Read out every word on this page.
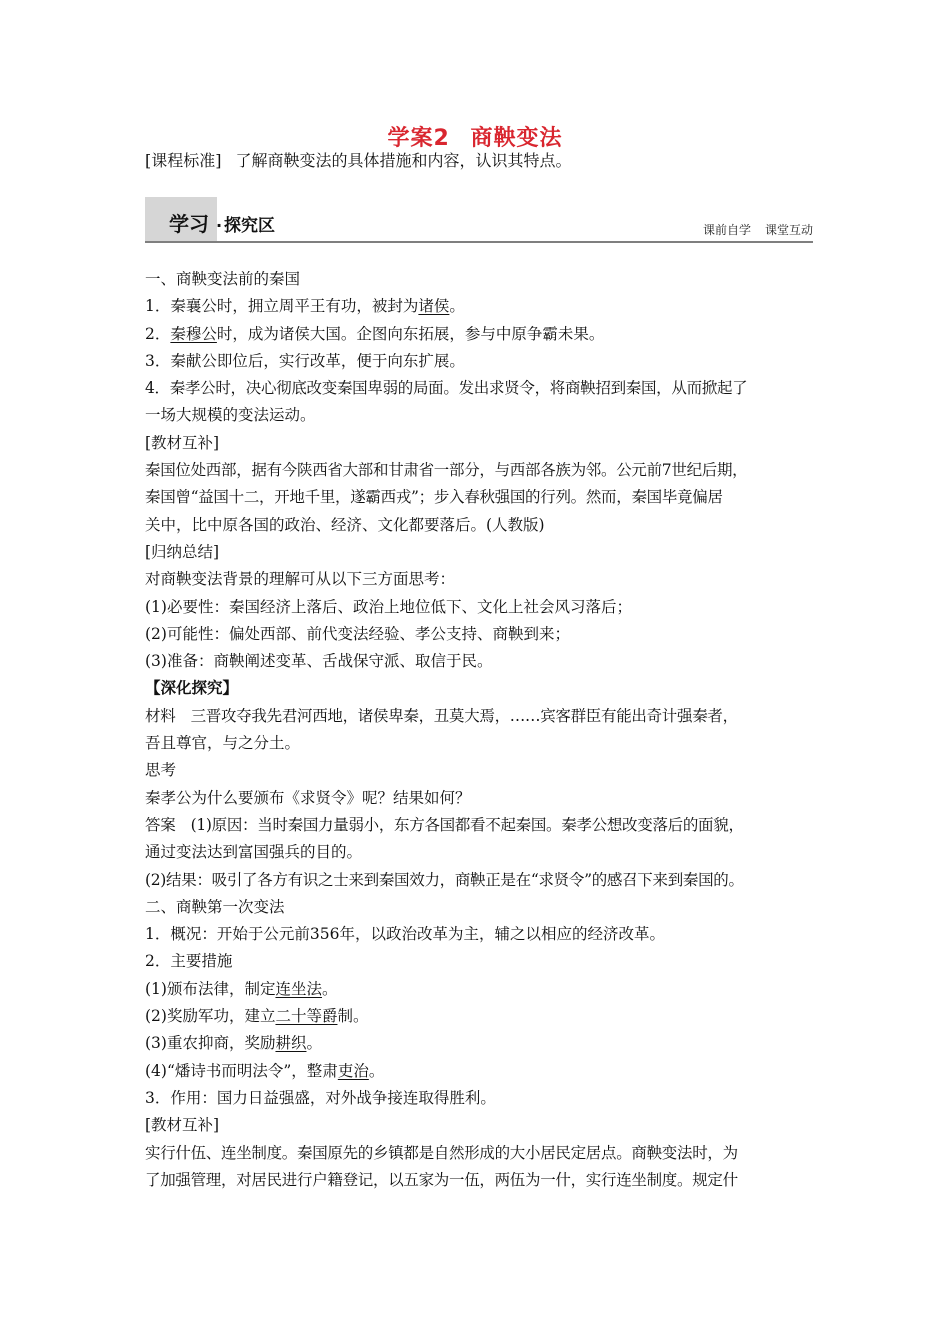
学案2 商鞅变法
[课程标准] 了解商鞅变法的具体措施和内容，认识其特点。
学习 · 探究区	课前自学 课堂互动

一、商鞅变法前的秦国

1．秦襄公时，拥立周平王有功，被封为诸侯。

2．秦穆公时，成为诸侯大国。企图向东拓展，参与中原争霸未果。

3．秦献公即位后，实行改革，便于向东扩展。

4．秦孝公时，决心彻底改变秦国卑弱的局面。发出求贤令，将商鞅招到秦国，从而掀起了

一场大规模的变法运动。

[教材互补]

秦国位处西部，据有今陕西省大部和甘肃省一部分，与西部各族为邻。公元前7世纪后期，

秦国曾“益国十二，开地千里，遂霸西戎”；步入春秋强国的行列。然而，秦国毕竟偏居

关中，比中原各国的政治、经济、文化都要落后。(人教版)

[归纳总结]

对商鞅变法背景的理解可从以下三方面思考：

(1)必要性：秦国经济上落后、政治上地位低下、文化上社会风习落后；

(2)可能性：偏处西部、前代变法经验、孝公支持、商鞅到来；

(3)准备：商鞅阐述变革、舌战保守派、取信于民。

【深化探究】

材料　三晋攻夺我先君河西地，诸侯卑秦，丑莫大焉，……宾客群臣有能出奇计强秦者，

吾且尊官，与之分土。

思考

秦孝公为什么要颁布《求贤令》呢？结果如何？

答案　(1)原因：当时秦国力量弱小，东方各国都看不起秦国。秦孝公想改变落后的面貌，

通过变法达到富国强兵的目的。

(2)结果：吸引了各方有识之士来到秦国效力，商鞅正是在“求贤令”的感召下来到秦国的。

二、商鞅第一次变法

1．概况：开始于公元前356年，以政治改革为主，辅之以相应的经济改革。

2．主要措施

(1)颁布法律，制定连坐法。

(2)奖励军功，建立二十等爵制。

(3)重农抑商，奖励耕织。

(4)“燔诗书而明法令”，整肃吏治。

3．作用：国力日益强盛，对外战争接连取得胜利。

[教材互补]

实行什伍、连坐制度。秦国原先的乡镇都是自然形成的大小居民定居点。商鞅变法时，为

了加强管理，对居民进行户籍登记，以五家为一伍，两伍为一什，实行连坐制度。规定什
